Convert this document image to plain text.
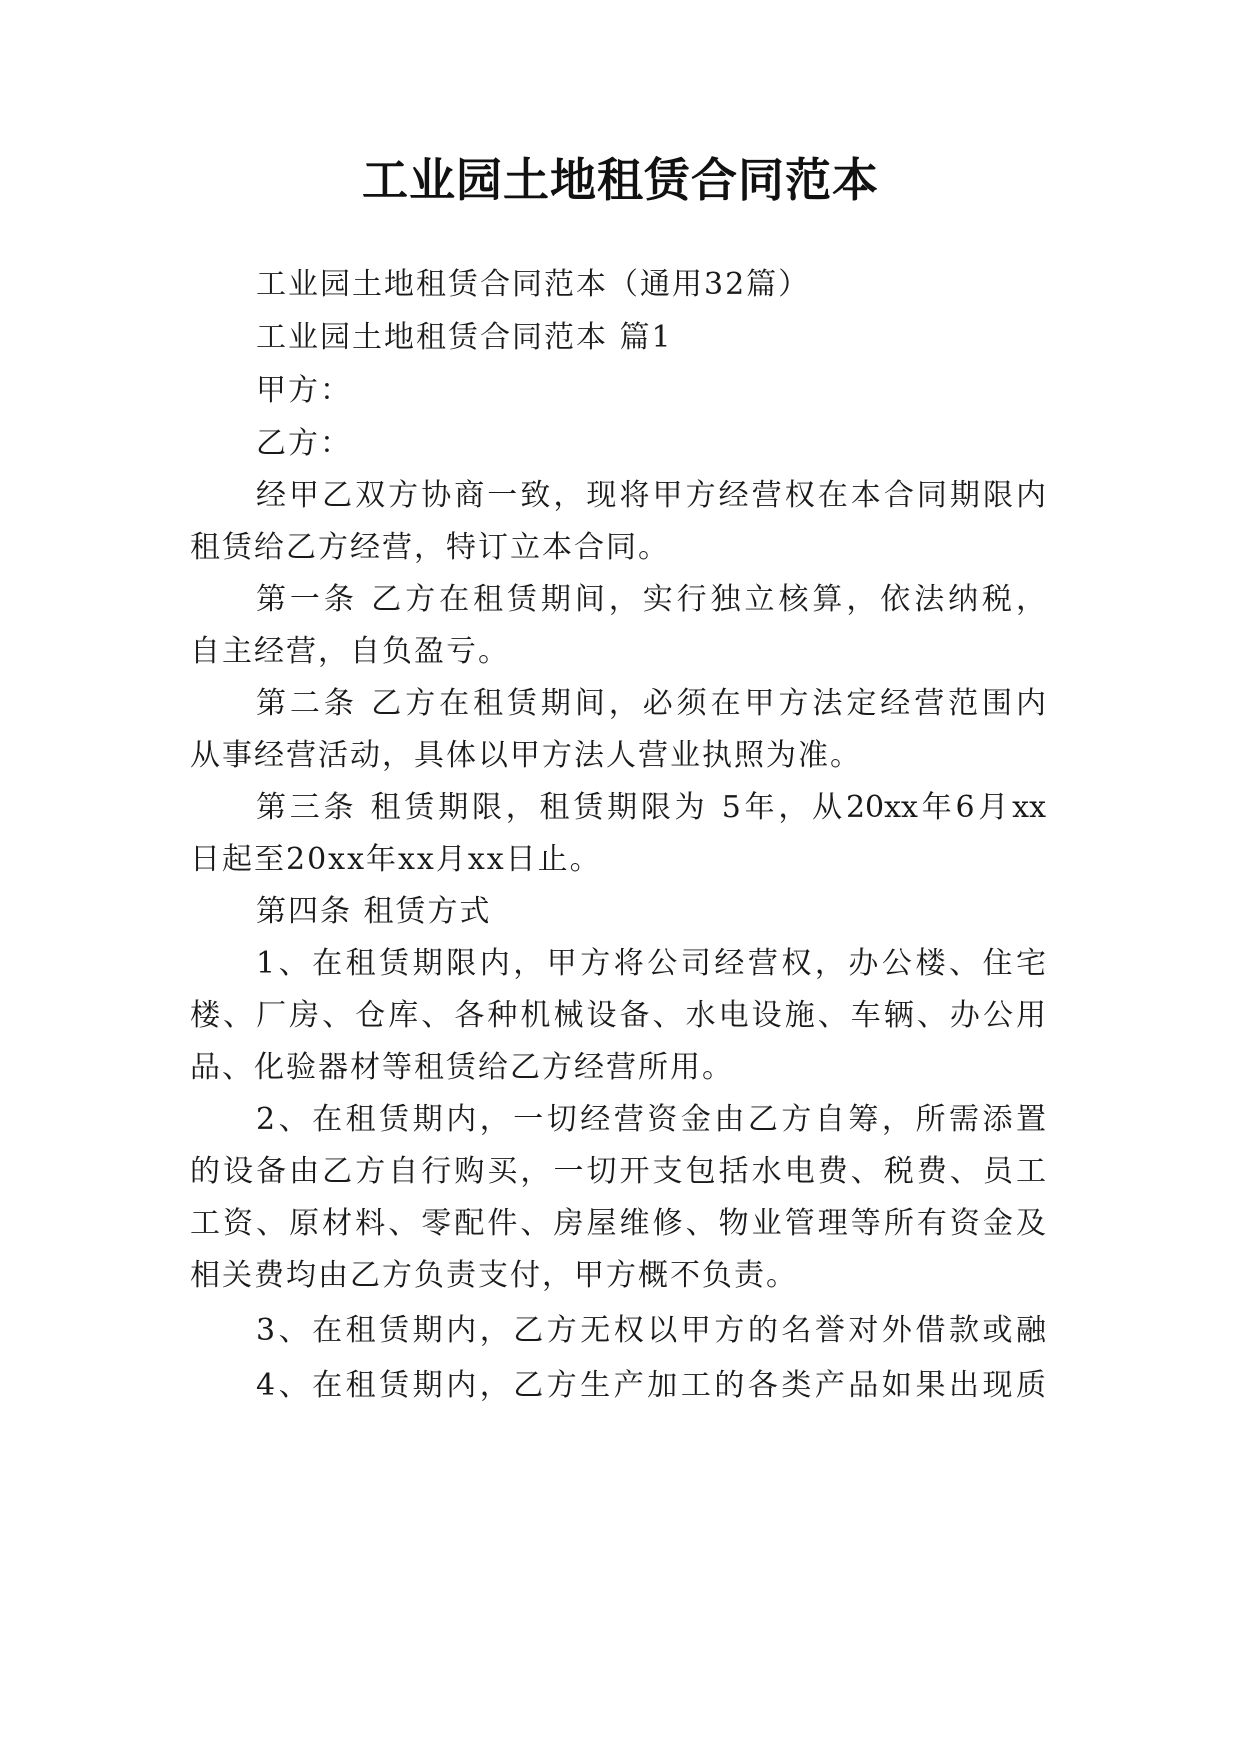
工业园土地租赁合同范本
工业园土地租赁合同范本（通用32篇）
工业园土地租赁合同范本 篇1
甲方：
乙方：
经甲乙双方协商一致，现将甲方经营权在本合同期限内
租赁给乙方经营，特订立本合同。
第一条 乙方在租赁期间，实行独立核算，依法纳税，
自主经营，自负盈亏。
第二条 乙方在租赁期间，必须在甲方法定经营范围内
从事经营活动，具体以甲方法人营业执照为准。
第三条 租赁期限，租赁期限为 5年，从20xx年6月xx
日起至20xx年xx月xx日止。
第四条 租赁方式
1、在租赁期限内，甲方将公司经营权，办公楼、住宅
楼、厂房、仓库、各种机械设备、水电设施、车辆、办公用
品、化验器材等租赁给乙方经营所用。
2、在租赁期内，一切经营资金由乙方自筹，所需添置
的设备由乙方自行购买，一切开支包括水电费、税费、员工
工资、原材料、零配件、房屋维修、物业管理等所有资金及
相关费均由乙方负责支付，甲方概不负责。
3、在租赁期内，乙方无权以甲方的名誉对外借款或融
4、在租赁期内，乙方生产加工的各类产品如果出现质
